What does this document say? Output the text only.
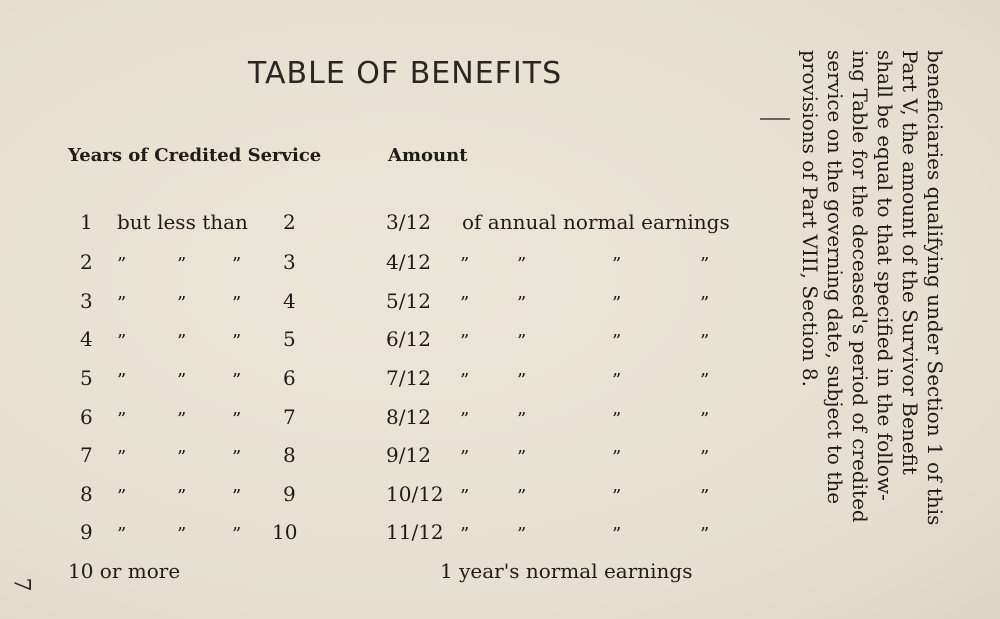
TABLE OF BENEFITS
Years of Credited Service	Amount
1 but less than 2	3/12 of annual normal earnings
2 ”	”	” 3	4/12 ”	”	”	”
3 ”	”	” 4	5/12 ”	”	”	”
4 ”	”	” 5	6/12 ”	”	”	”
5 ”	”	” 6	7/12 ”	”	”	”
6 ”	”	” 7	8/12 ”	”	”	”
7 ”	”	” 8	9/12 ”	”	”	”
8 ”	”	” 9	10/12 ”	”	”	”
9 ”	”	” 10	11/12 ”	”	”	”
10 or more	1 year's normal earnings
beneficiaries qualifying under Section 1 of this
Part V, the amount of the Survivor Benefit
shall be equal to that specified in the follow-
ing Table for the deceased's period of credited
service on the governing date, subject to the
provisions of Part VIII, Section 8.
7
